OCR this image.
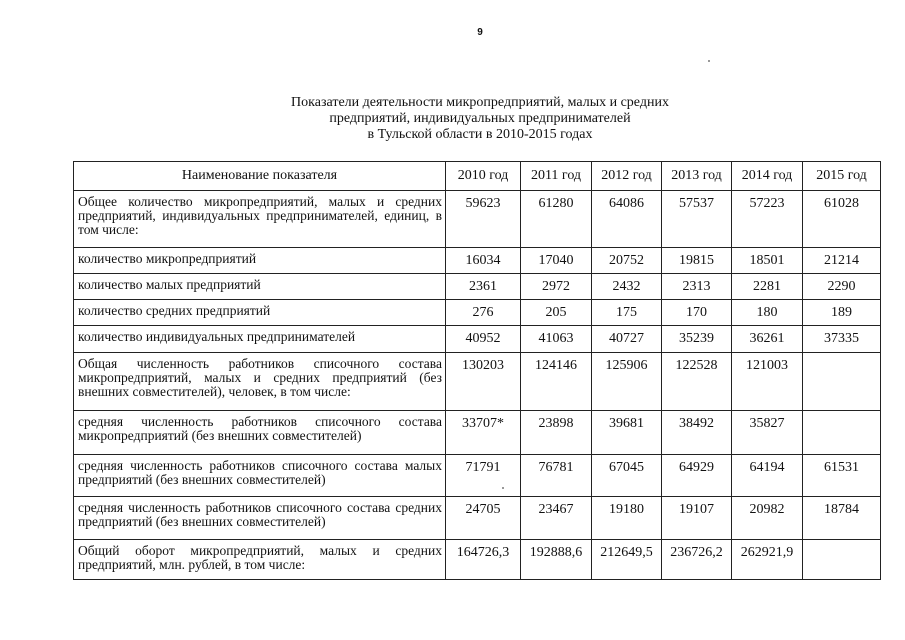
9
Показатели деятельности микропредприятий, малых и средних
предприятий, индивидуальных предпринимателей
в Тульской области в 2010-2015 годах
Наименование показателя	2010 год	2011 год	2012 год	2013 год	2014 год	2015 год
Общее количество микропредприятий, малых и средних предприятий, индивидуальных предпринимателей, единиц, в том числе:	59623	61280	64086	57537	57223	61028
количество микропредприятий	16034	17040	20752	19815	18501	21214
количество малых предприятий	2361	2972	2432	2313	2281	2290
количество средних предприятий	276	205	175	170	180	189
количество индивидуальных предпринимателей	40952	41063	40727	35239	36261	37335
Общая численность работников списочного состава микропредприятий, малых и средних предприятий (без внешних совместителей), человек, в том числе:	130203	124146	125906	122528	121003	
средняя численность работников списочного состава микропредприятий (без внешних совместителей)	33707*	23898	39681	38492	35827	
средняя численность работников списочного состава малых предприятий (без внешних совместителей)	71791	76781	67045	64929	64194	61531
средняя численность работников списочного состава средних предприятий (без внешних совместителей)	24705	23467	19180	19107	20982	18784
Общий оборот микропредприятий, малых и средних предприятий, млн. рублей, в том числе:	164726,3	192888,6	212649,5	236726,2	262921,9	
